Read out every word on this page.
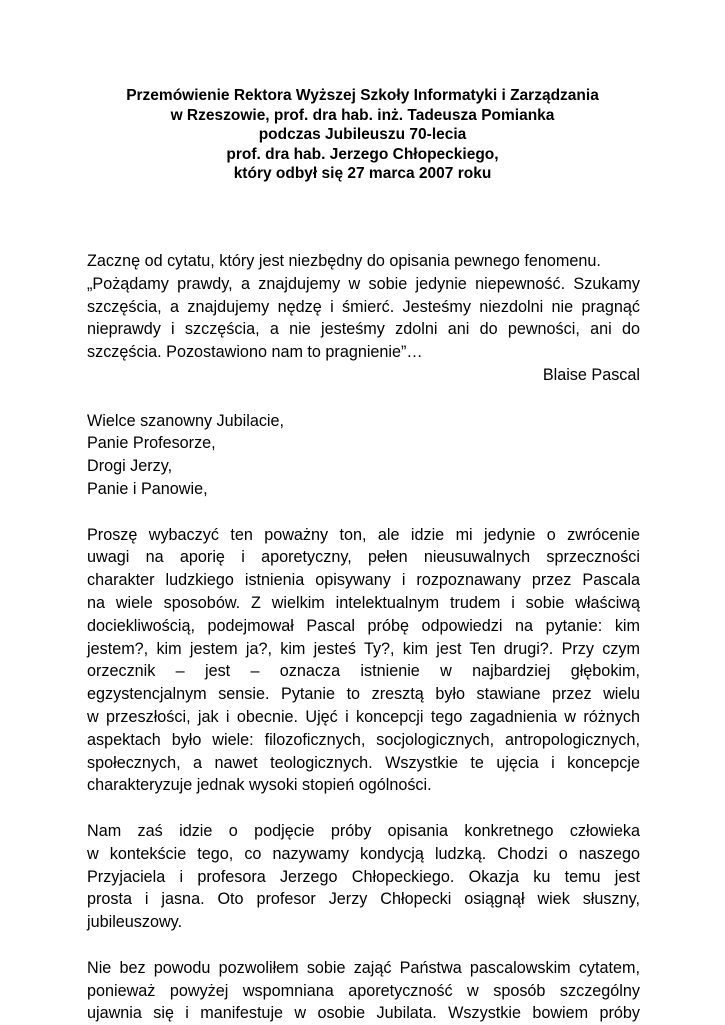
Przemówienie Rektora Wyższej Szkoły Informatyki i Zarządzania
w Rzeszowie, prof. dra hab. inż. Tadeusza Pomianka
podczas Jubileuszu 70-lecia
prof. dra hab. Jerzego Chłopeckiego,
który odbył się 27 marca 2007 roku
Zacznę od cytatu, który jest niezbędny do opisania pewnego fenomenu.
„Pożądamy prawdy, a znajdujemy w sobie jedynie niepewność. Szukamy
szczęścia, a znajdujemy nędzę i śmierć. Jesteśmy niezdolni nie pragnąć
nieprawdy i szczęścia, a nie jesteśmy zdolni ani do pewności, ani do
szczęścia. Pozostawiono nam to pragnienie”…
Blaise Pascal
Wielce szanowny Jubilacie,
Panie Profesorze,
Drogi Jerzy,
Panie i Panowie,
Proszę wybaczyć ten poważny ton, ale idzie mi jedynie o zwrócenie
uwagi na aporię i aporetyczny, pełen nieusuwalnych sprzeczności
charakter ludzkiego istnienia opisywany i rozpoznawany przez Pascala
na wiele sposobów. Z wielkim intelektualnym trudem i sobie właściwą
dociekliwością, podejmował Pascal próbę odpowiedzi na pytanie: kim
jestem?, kim jestem ja?, kim jesteś Ty?, kim jest Ten drugi?. Przy czym
orzecznik – jest – oznacza istnienie w najbardziej głębokim,
egzystencjalnym sensie. Pytanie to zresztą było stawiane przez wielu
w przeszłości, jak i obecnie. Ujęć i koncepcji tego zagadnienia w różnych
aspektach było wiele: filozoficznych, socjologicznych, antropologicznych,
społecznych, a nawet teologicznych. Wszystkie te ujęcia i koncepcje
charakteryzuje jednak wysoki stopień ogólności.
Nam zaś idzie o podjęcie próby opisania konkretnego człowieka
w kontekście tego, co nazywamy kondycją ludzką. Chodzi o naszego
Przyjaciela i profesora Jerzego Chłopeckiego. Okazja ku temu jest
prosta i jasna. Oto profesor Jerzy Chłopecki osiągnął wiek słuszny,
jubileuszowy.
Nie bez powodu pozwoliłem sobie zająć Państwa pascalowskim cytatem,
ponieważ powyżej wspomniana aporetyczność w sposób szczególny
ujawnia się i manifestuje w osobie Jubilata. Wszystkie bowiem próby
